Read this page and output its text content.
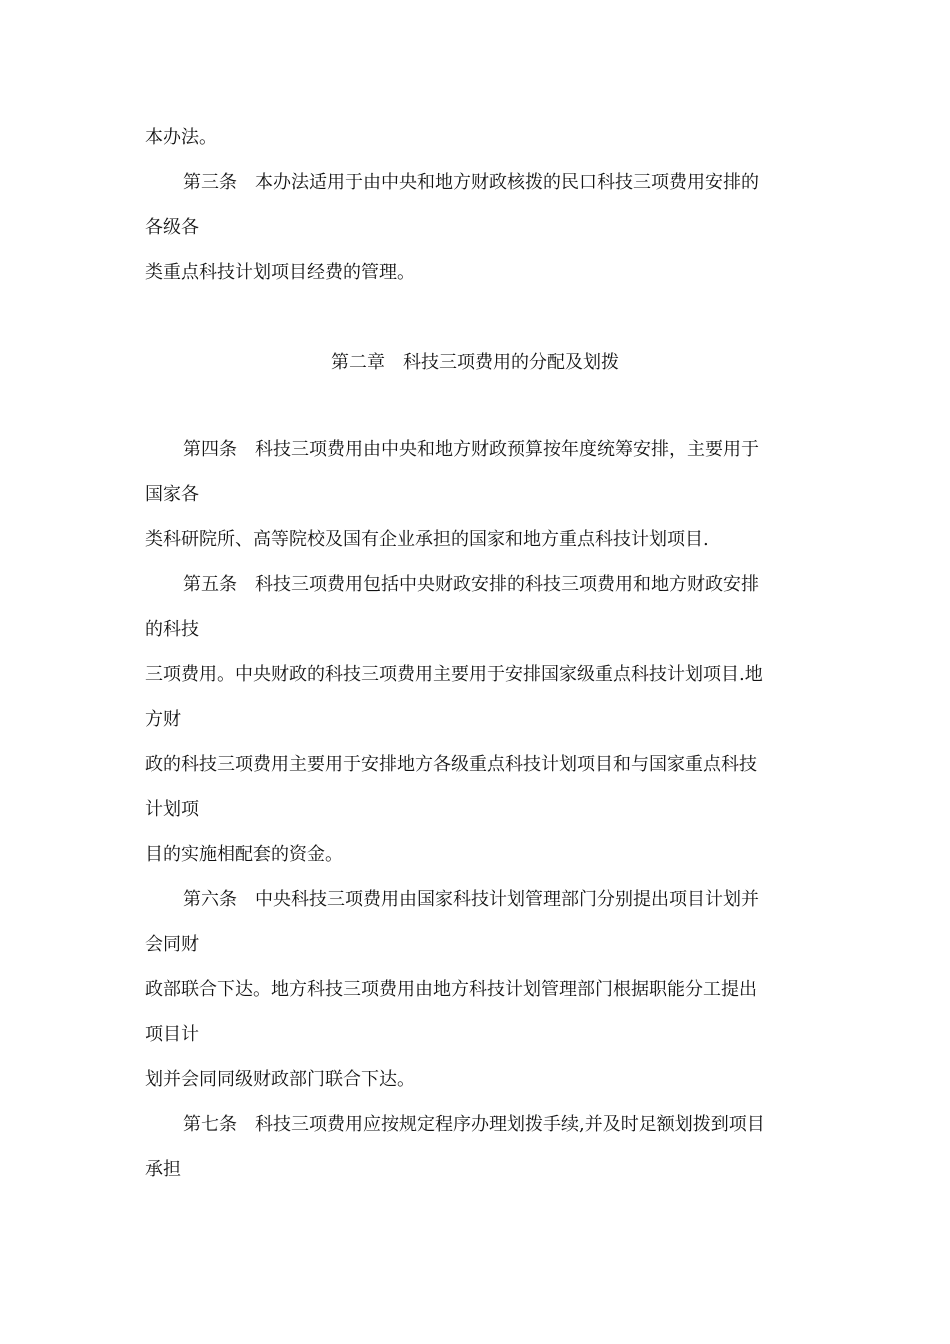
本办法。
第三条　本办法适用于由中央和地方财政核拨的民口科技三项费用安排的
各级各
类重点科技计划项目经费的管理。
第二章　科技三项费用的分配及划拨
第四条　科技三项费用由中央和地方财政预算按年度统筹安排，主要用于
国家各
类科研院所、高等院校及国有企业承担的国家和地方重点科技计划项目.
第五条　科技三项费用包括中央财政安排的科技三项费用和地方财政安排
的科技
三项费用。中央财政的科技三项费用主要用于安排国家级重点科技计划项目.地
方财
政的科技三项费用主要用于安排地方各级重点科技计划项目和与国家重点科技
计划项
目的实施相配套的资金。
第六条　中央科技三项费用由国家科技计划管理部门分别提出项目计划并
会同财
政部联合下达。地方科技三项费用由地方科技计划管理部门根据职能分工提出
项目计
划并会同同级财政部门联合下达。
第七条　科技三项费用应按规定程序办理划拨手续,并及时足额划拨到项目
承担
